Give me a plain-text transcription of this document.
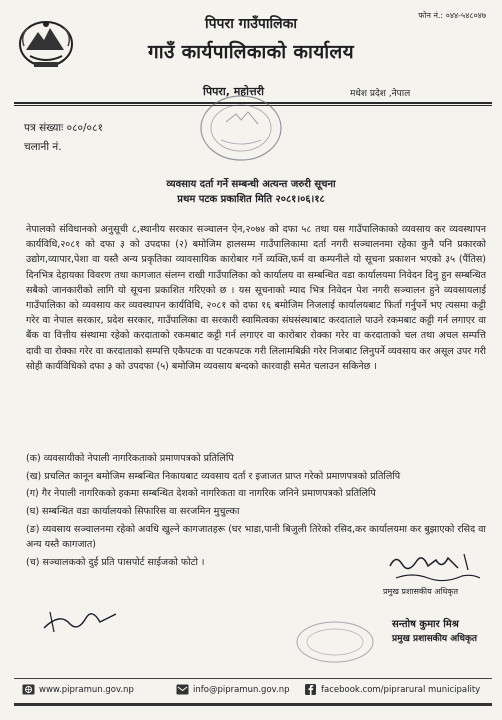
फोन नं.: ०४४-५४८०४७
पिपरा गाउँपालिका
गाउँ कार्यपालिकाको कार्यालय
पिपरा, महोत्तरी	मधेश प्रदेश ,नेपाल
पत्र संख्याः ०८०/०८१
चलानी नं.
व्यवसाय दर्ता गर्ने सम्बन्धी अत्यन्त जरुरी सूचना
प्रथम पटक प्रकाशित मिति २०८१।०६।१८

नेपालको संविधानको अनुसूची ८,स्थानीय सरकार सञ्चालन ऐन,२०७४ को दफा ५८ तथा यस गाउँपालिकाको व्यवसाय कर व्यवस्थापन कार्यविधि,२०८१ को दफा ३ को उपदफा (२) बमोजिम हालसम्म गाउँपालिकामा दर्ता नगरी सञ्चालनमा रहेका कुनै पनि प्रकारको उद्योग,व्यापार,पेशा वा यस्तै अन्य प्रकृतिका व्यावसायिक कारोबार गर्ने व्यक्ति,फर्म वा कम्पनीले यो सूचना प्रकाशन भएको ३५ (पैंतिस) दिनभित्र देहायका विवरण तथा कागजात संलग्न राखी गाउँपालिका को कार्यालय वा सम्बन्धित वडा कार्यालयमा निवेदन दिनु हुन सम्बन्धित सबैको जानकारीको लागि यो सूचना प्रकाशित गरिएको छ । यस सूचनाको म्याद भित्र निवेदन पेश नगरी सञ्चालन हुने व्यवसायलाई गाउँपालिका को व्यवसाय कर व्यवस्थापन कार्यविधि, २०८१ को दफा १६ बमोजिम निजलाई कार्यालयबाट फिर्ता गर्नुपर्ने भए त्यसमा कट्टी गरेर वा नेपाल सरकार, प्रदेश सरकार, गाउँपालिका वा सरकारी स्वामित्वका संघसंस्थाबाट करदाताले पाउने रकमबाट कट्टी गर्न लगाएर वा बैंक वा वित्तीय संस्थामा रहेको करदाताको रकमबाट कट्टी गर्न लगाएर वा कारोबार रोक्का गरेर वा करदाताको चल तथा अचल सम्पत्ति दावी वा रोक्का गरेर वा करदाताको सम्पत्ति एकैपटक वा पटकपटक गरी लिलामबिक्री गरेर निजबाट लिनुपर्ने व्यवसाय कर असूल उपर गरी सोही कार्यविधिको दफा ३ को उपदफा (५) बमोजिम व्यवसाय बन्दको कारवाही समेत चलाउन सकिनेछ ।

(क) व्यवसायीको नेपाली नागरिकताको प्रमाणपत्रको प्रतिलिपि
(ख) प्रचलित कानून बमोजिम सम्बन्धित निकायबाट व्यवसाय दर्ता र इजाजत प्राप्त गरेको प्रमाणपत्रको प्रतिलिपि
(ग) गैर नेपाली नागरिकको हकमा सम्बन्धित देशको नागरिकता वा नागरिक जनिने प्रमाणपत्रको प्रतिलिपि
(घ) सम्बन्धित वडा कार्यालयको सिफारिस वा सरजमिन मुचुल्का
(ङ) व्यवसाय सञ्चालनमा रहेको अवधि खुल्ने कागजातहरू (घर भाडा,पानी बिजुली तिरेको रसिद,कर कार्यालयमा कर बुझाएको रसिद वा अन्य यस्तै कागजात)
(च) सञ्चालकको दुई प्रति पासपोर्ट साईजको फोटो ।
प्रमुख प्रशासकीय अधिकृत
सन्तोष कुमार मिश्र
प्रमुख प्रशासकीय अधिकृत
www.pipramun.gov.np	info@pipramun.gov.np	facebook.com/piprarural municipality
